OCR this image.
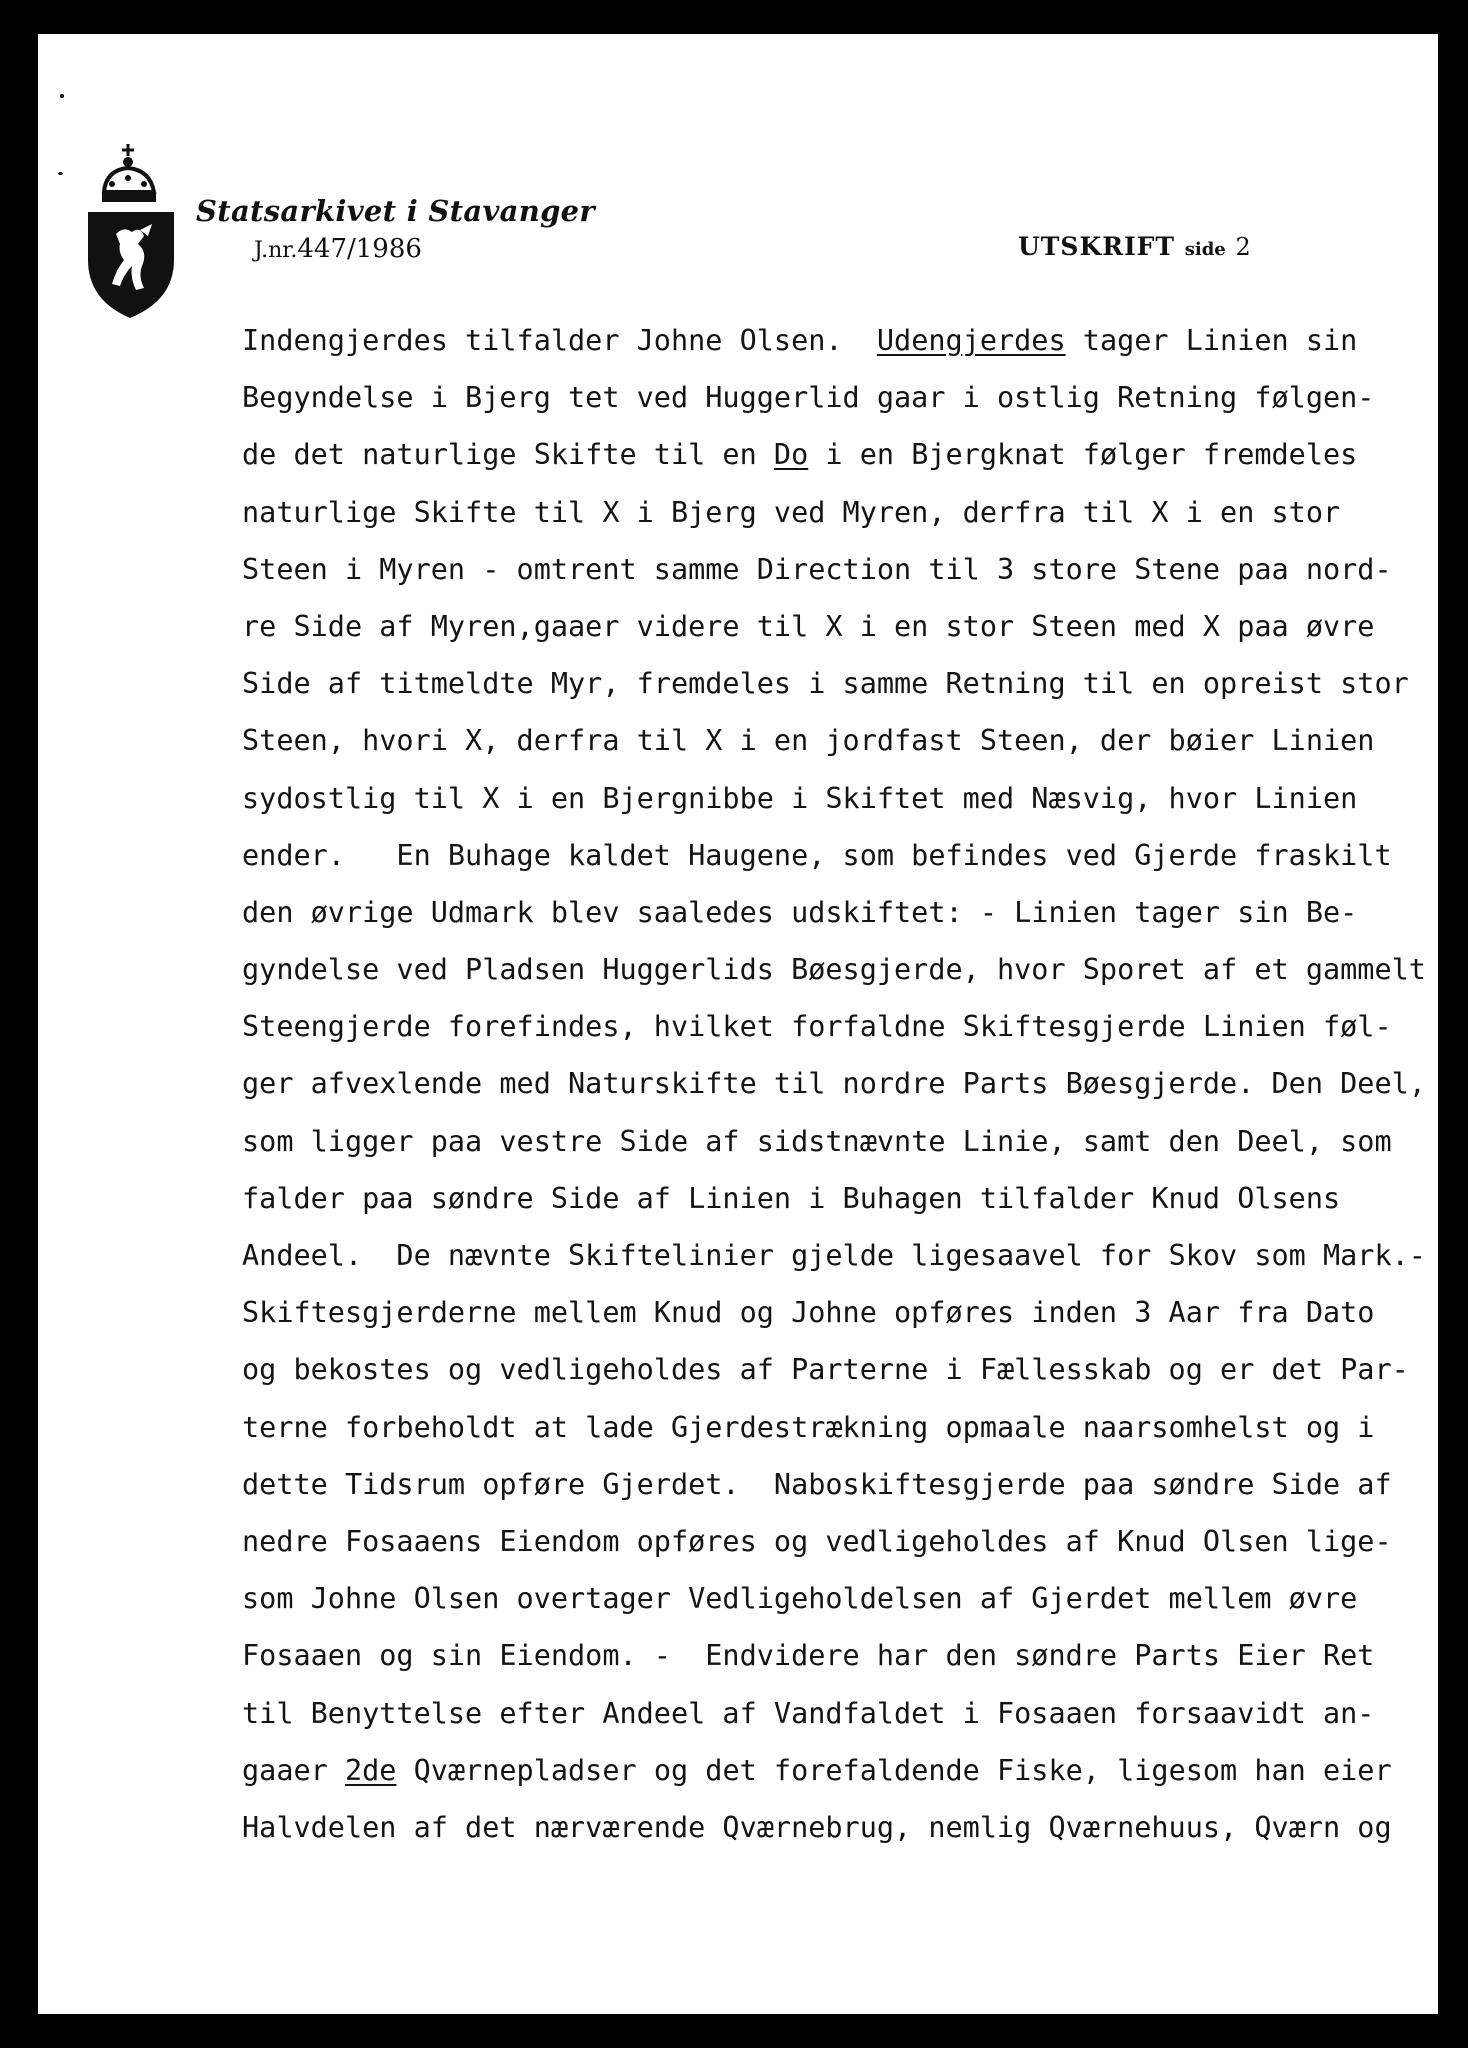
Statsarkivet i Stavanger
J.nr.447/1986	UTSKRIFT side 2
Indengjerdes tilfalder Johne Olsen.  Udengjerdes tager Linien sin
Begyndelse i Bjerg tet ved Huggerlid gaar i ostlig Retning følgen-
de det naturlige Skifte til en Do i en Bjergknat følger fremdeles
naturlige Skifte til X i Bjerg ved Myren, derfra til X i en stor
Steen i Myren - omtrent samme Direction til 3 store Stene paa nord-
re Side af Myren,gaaer videre til X i en stor Steen med X paa øvre
Side af titmeldte Myr, fremdeles i samme Retning til en opreist stor
Steen, hvori X, derfra til X i en jordfast Steen, der bøier Linien
sydostlig til X i en Bjergnibbe i Skiftet med Næsvig, hvor Linien
ender.   En Buhage kaldet Haugene, som befindes ved Gjerde fraskilt
den øvrige Udmark blev saaledes udskiftet: - Linien tager sin Be-
gyndelse ved Pladsen Huggerlids Bøesgjerde, hvor Sporet af et gammelt
Steengjerde forefindes, hvilket forfaldne Skiftesgjerde Linien føl-
ger afvexlende med Naturskifte til nordre Parts Bøesgjerde. Den Deel,
som ligger paa vestre Side af sidstnævnte Linie, samt den Deel, som
falder paa søndre Side af Linien i Buhagen tilfalder Knud Olsens
Andeel.  De nævnte Skiftelinier gjelde ligesaavel for Skov som Mark.-
Skiftesgjerderne mellem Knud og Johne opføres inden 3 Aar fra Dato
og bekostes og vedligeholdes af Parterne i Fællesskab og er det Par-
terne forbeholdt at lade Gjerdestrækning opmaale naarsomhelst og i
dette Tidsrum opføre Gjerdet.  Naboskiftesgjerde paa søndre Side af
nedre Fosaaens Eiendom opføres og vedligeholdes af Knud Olsen lige-
som Johne Olsen overtager Vedligeholdelsen af Gjerdet mellem øvre
Fosaaen og sin Eiendom. -  Endvidere har den søndre Parts Eier Ret
til Benyttelse efter Andeel af Vandfaldet i Fosaaen forsaavidt an-
gaaer 2de Qværnepladser og det forefaldende Fiske, ligesom han eier
Halvdelen af det nærværende Qværnebrug, nemlig Qværnehuus, Qværn og
